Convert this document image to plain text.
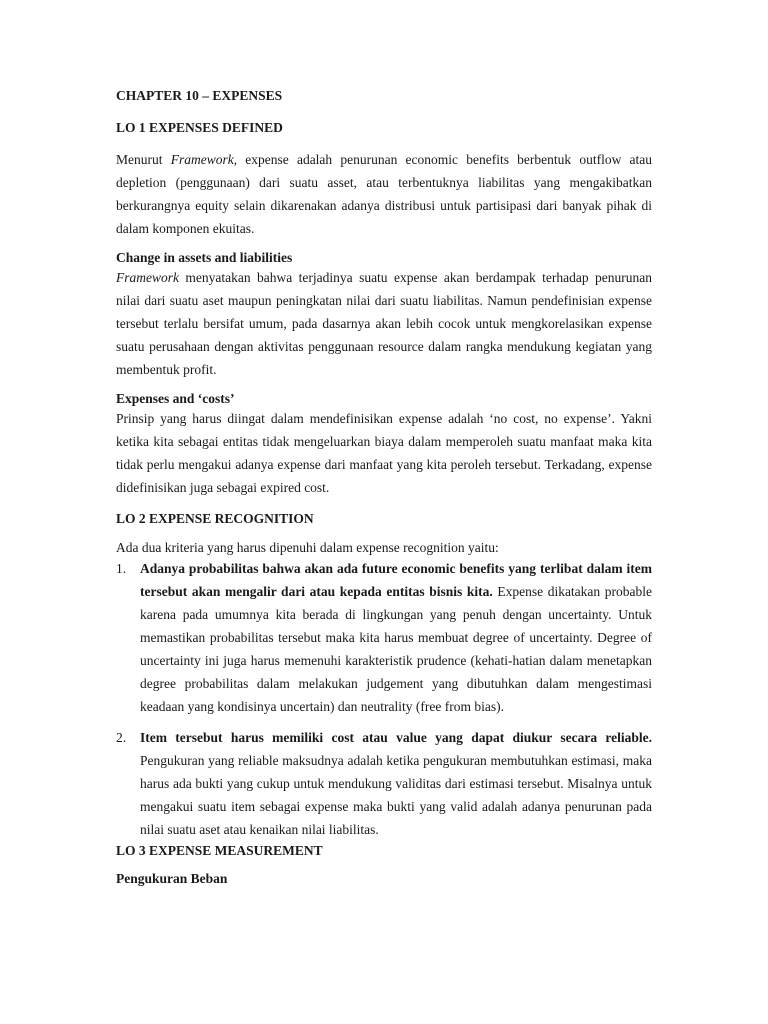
CHAPTER 10 – EXPENSES
LO 1 EXPENSES DEFINED

Menurut Framework, expense adalah penurunan economic benefits berbentuk outflow atau depletion (penggunaan) dari suatu asset, atau terbentuknya liabilitas yang mengakibatkan berkurangnya equity selain dikarenakan adanya distribusi untuk partisipasi dari banyak pihak di dalam komponen ekuitas.

Change in assets and liabilities

Framework menyatakan bahwa terjadinya suatu expense akan berdampak terhadap penurunan nilai dari suatu aset maupun peningkatan nilai dari suatu liabilitas. Namun pendefinisian expense tersebut terlalu bersifat umum, pada dasarnya akan lebih cocok untuk mengkorelasikan expense suatu perusahaan dengan aktivitas penggunaan resource dalam rangka mendukung kegiatan yang membentuk profit.

Expenses and ‘costs’

Prinsip yang harus diingat dalam mendefinisikan expense adalah ‘no cost, no expense’. Yakni ketika kita sebagai entitas tidak mengeluarkan biaya dalam memperoleh suatu manfaat maka kita tidak perlu mengakui adanya expense dari manfaat yang kita peroleh tersebut. Terkadang, expense didefinisikan juga sebagai expired cost.

LO 2 EXPENSE RECOGNITION

Ada dua kriteria yang harus dipenuhi dalam expense recognition yaitu:

1. Adanya probabilitas bahwa akan ada future economic benefits yang terlibat dalam item tersebut akan mengalir dari atau kepada entitas bisnis kita. Expense dikatakan probable karena pada umumnya kita berada di lingkungan yang penuh dengan uncertainty. Untuk memastikan probabilitas tersebut maka kita harus membuat degree of uncertainty. Degree of uncertainty ini juga harus memenuhi karakteristik prudence (kehati-hatian dalam menetapkan degree probabilitas dalam melakukan judgement yang dibutuhkan dalam mengestimasi keadaan yang kondisinya uncertain) dan neutrality (free from bias).
2. Item tersebut harus memiliki cost atau value yang dapat diukur secara reliable. Pengukuran yang reliable maksudnya adalah ketika pengukuran membutuhkan estimasi, maka harus ada bukti yang cukup untuk mendukung validitas dari estimasi tersebut. Misalnya untuk mengakui suatu item sebagai expense maka bukti yang valid adalah adanya penurunan pada nilai suatu aset atau kenaikan nilai liabilitas.
LO 3 EXPENSE MEASUREMENT
Pengukuran Beban
